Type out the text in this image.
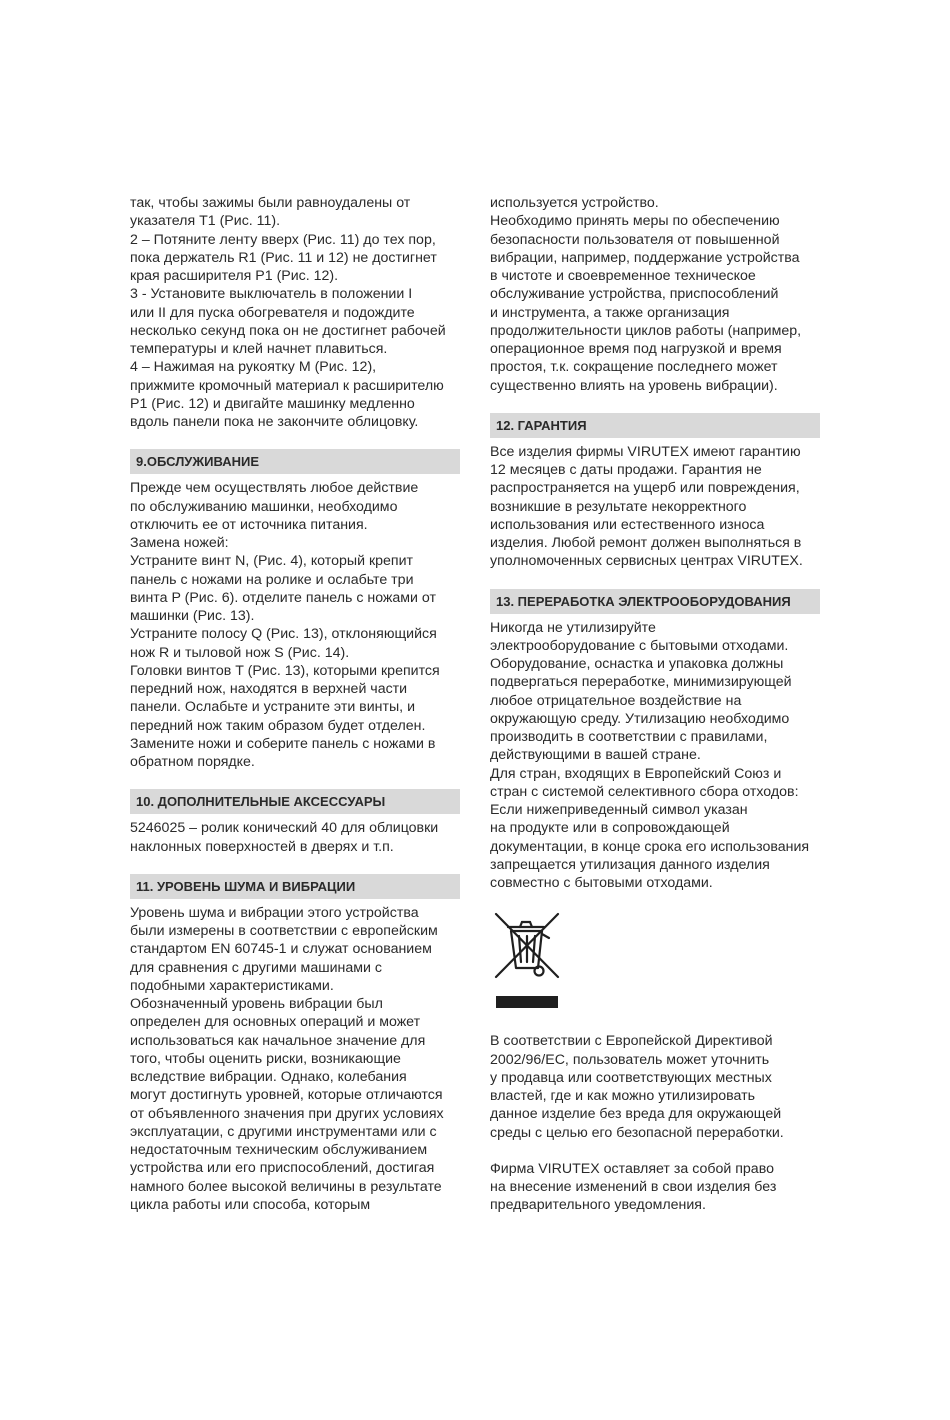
так, чтобы зажимы были равноудалены от
указателя T1 (Рис. 11).
2 – Потяните ленту вверх (Рис. 11) до тех пор,
пока держатель R1 (Рис. 11 и 12) не достигнет
края расширителя P1 (Рис. 12).
3 - Установите выключатель в положении I
или II для пуска обогревателя и подождите
несколько секунд пока он не достигнет рабочей
температуры и клей начнет плавиться.
4 – Нажимая на рукоятку M (Рис. 12),
прижмите кромочный материал к расширителю
P1 (Рис. 12) и двигайте машинку медленно
вдоль панели пока не закончите облицовку.
9.ОБСЛУЖИВАНИЕ
Прежде чем осуществлять любое действие
по обслуживанию машинки, необходимо
отключить ее от источника питания.
Замена ножей:
Устраните винт N, (Рис. 4), который крепит
панель с ножами на ролике и ослабьте три
винта P (Рис. 6). отделите панель с ножами от
машинки (Рис. 13).
Устраните полосу Q (Рис. 13), отклоняющийся
нож R и тыловой нож S (Рис. 14).
Головки винтов T (Рис. 13), которыми крепится
передний нож, находятся в верхней части
панели. Ослабьте и устраните эти винты, и
передний нож таким образом будет отделен.
Замените ножи и соберите панель с ножами в
обратном порядке.
10. ДОПОЛНИТЕЛЬНЫЕ АКСЕССУАРЫ
5246025 – ролик конический 40 для облицовки
наклонных поверхностей в дверях и т.п.
11. УРОВЕНЬ ШУМА И ВИБРАЦИИ
Уровень шума и вибрации этого устройства
были измерены в соответствии с европейским
стандартом EN 60745-1 и служат основанием
для сравнения с другими машинами с
подобными характеристиками.
Обозначенный уровень вибрации был
определен для основных операций и может
использоваться как начальное значение для
того, чтобы оценить риски, возникающие
вследствие вибрации. Однако, колебания
могут достигнуть уровней, которые отличаются
от объявленного значения при других условиях
эксплуатации, с другими инструментами или с
недостаточным техническим обслуживанием
устройства или его приспособлений, достигая
намного более высокой величины в результате
цикла работы или способа, которым
используется устройство.
Необходимо принять меры по обеспечению
безопасности пользователя от повышенной
вибрации, например, поддержание устройства
в чистоте и своевременное техническое
обслуживание устройства, приспособлений
и инструмента, а также организация
продолжительности циклов работы (например,
операционное время под нагрузкой и время
простоя, т.к. сокращение последнего может
существенно влиять на уровень вибрации).
12. ГАРАНТИЯ
Все изделия фирмы VIRUTEX имеют гарантию
12 месяцев с даты продажи. Гарантия не
распространяется на ущерб или повреждения,
возникшие в результате некорректного
использования или естественного износа
изделия. Любой ремонт должен выполняться в
уполномоченных сервисных центрах VIRUTEX.
13. ПЕРЕРАБОТКА ЭЛЕКТРООБОРУДОВАНИЯ
Никогда не утилизируйте
электрооборудование с бытовыми отходами.
Оборудование, оснастка и упаковка должны
подвергаться переработке, минимизирующей
любое отрицательное воздействие на
окружающую среду. Утилизацию необходимо
производить в соответствии с правилами,
действующими в вашей стране.
Для стран, входящих в Европейский Союз и
стран с системой селективного сбора отходов:
Если нижеприведенный символ указан
на продукте или в сопровождающей
документации, в конце срока его использования
запрещается утилизация данного изделия
совместно с бытовыми отходами.
В соответствии с Европейской Директивой
2002/96/EC, пользователь может уточнить
у продавца или соответствующих местных
властей, где и как можно утилизировать
данное изделие без вреда для окружающей
среды с целью его безопасной переработки.
Фирма VIRUTEX оставляет за собой право
на внесение изменений в свои изделия без
предварительного уведомления.
